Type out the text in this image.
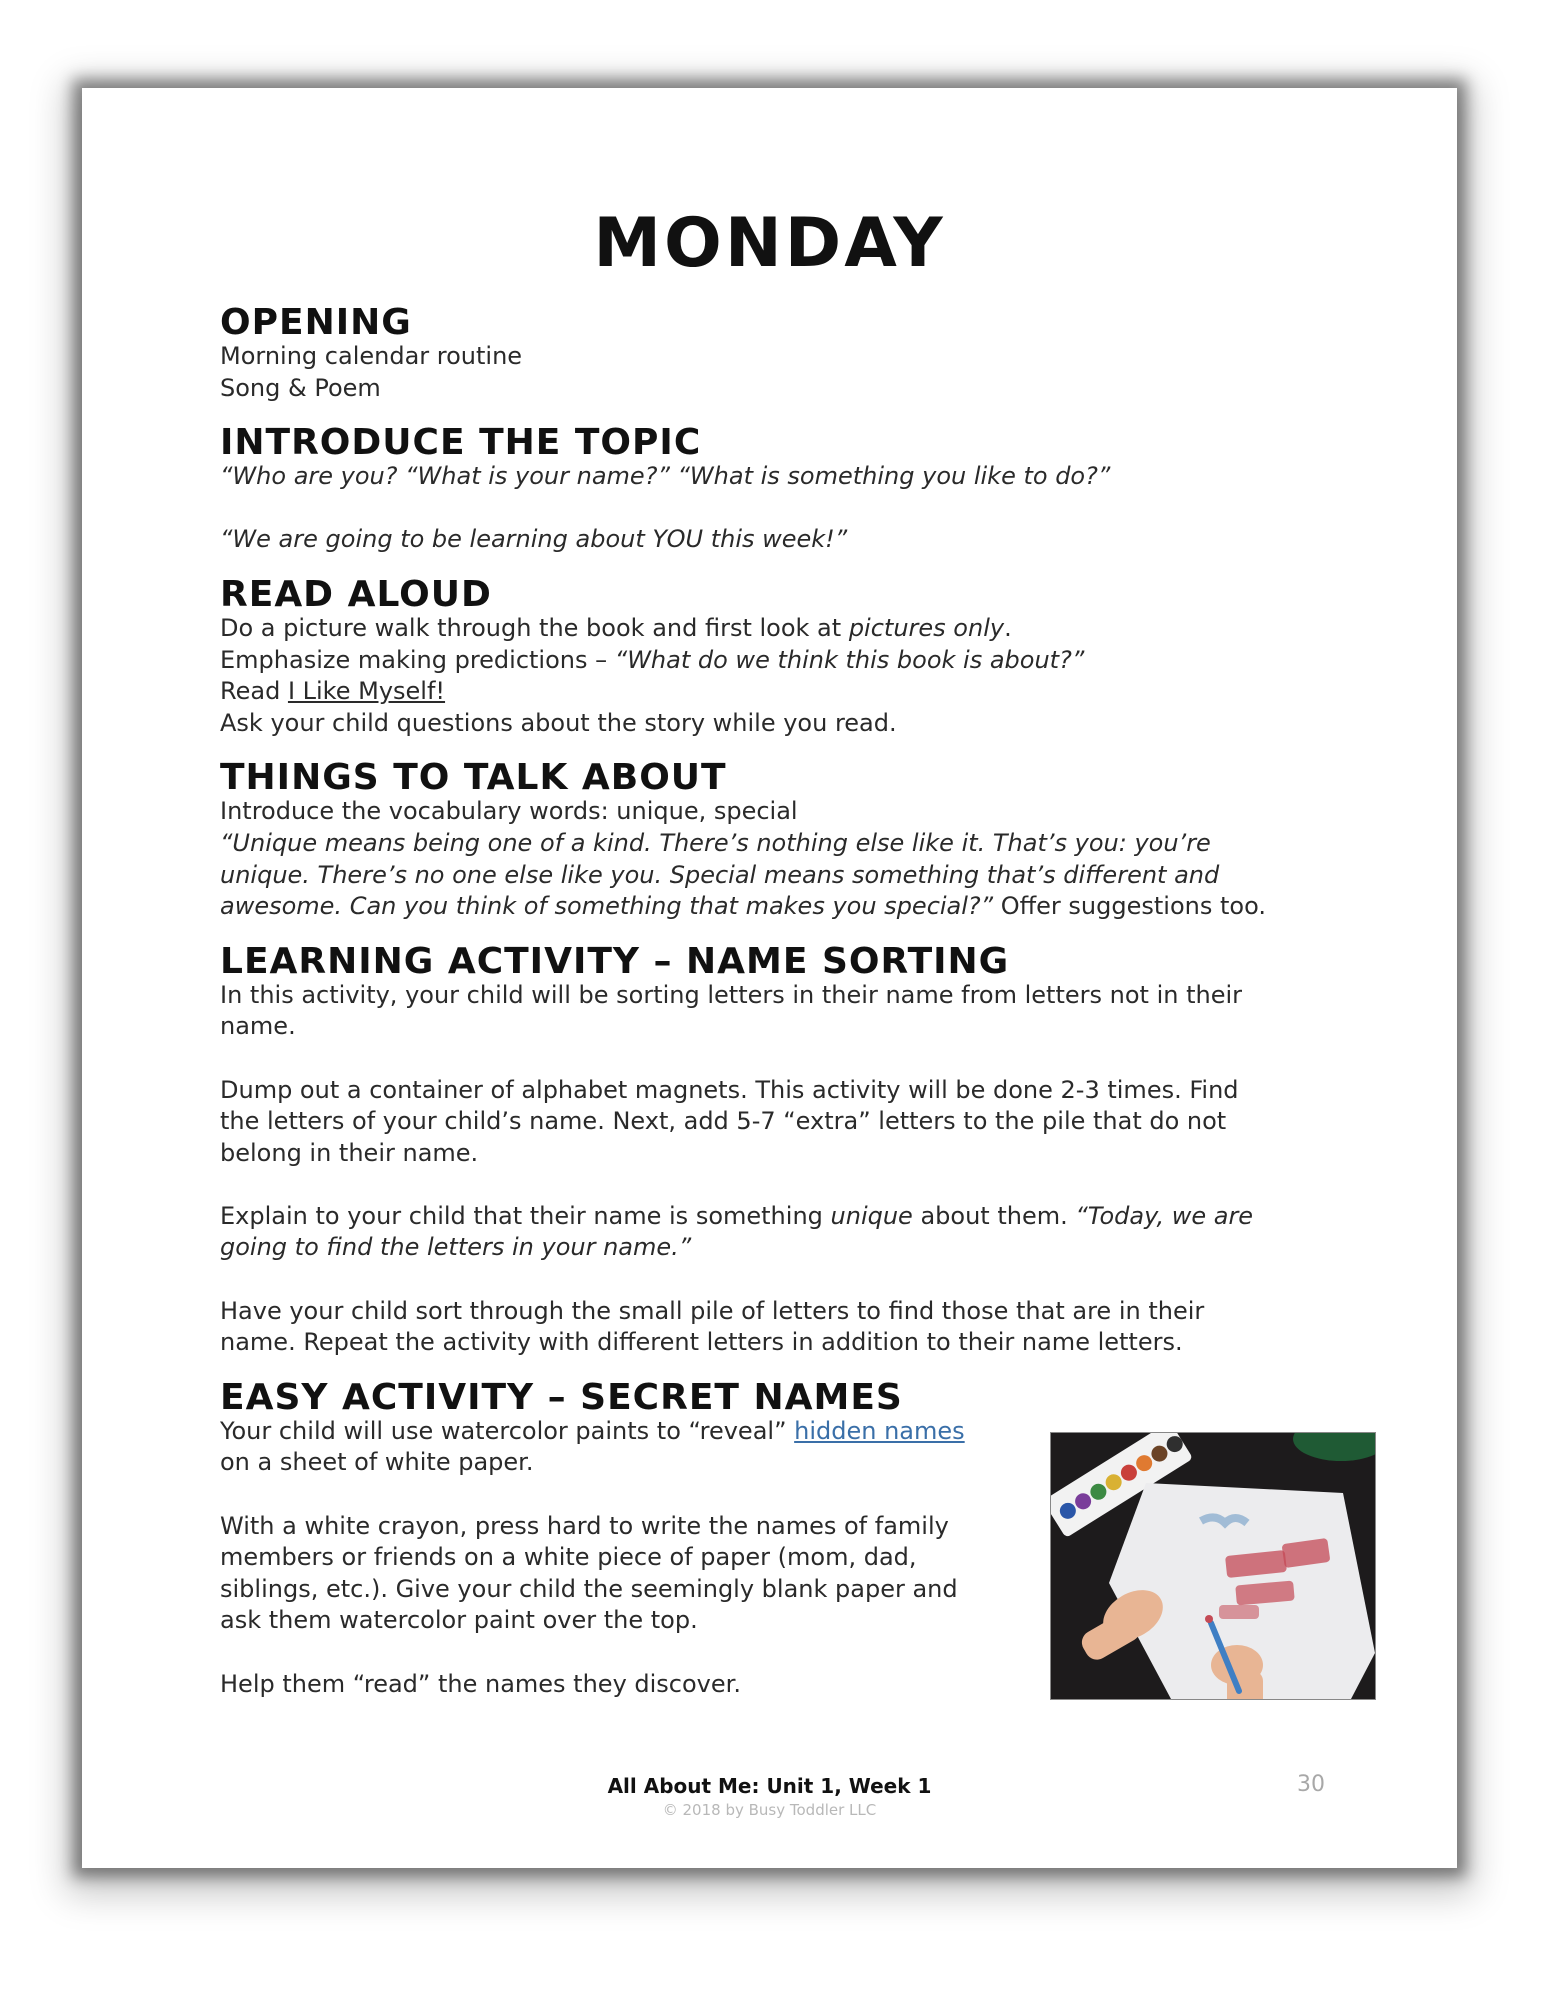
MONDAY
OPENING

Morning calendar routine

Song & Poem

INTRODUCE THE TOPIC

“Who are you? “What is your name?” “What is something you like to do?”

“We are going to be learning about YOU this week!”

READ ALOUD

Do a picture walk through the book and first look at pictures only.

Emphasize making predictions – “What do we think this book is about?”

Read I Like Myself!

Ask your child questions about the story while you read.

THINGS TO TALK ABOUT

Introduce the vocabulary words: unique, special

“Unique means being one of a kind. There’s nothing else like it. That’s you: you’re

unique. There’s no one else like you. Special means something that’s different and

awesome. Can you think of something that makes you special?” Offer suggestions too.

LEARNING ACTIVITY – NAME SORTING

In this activity, your child will be sorting letters in their name from letters not in their

name.

Dump out a container of alphabet magnets. This activity will be done 2-3 times. Find

the letters of your child’s name. Next, add 5-7 “extra” letters to the pile that do not

belong in their name.

Explain to your child that their name is something unique about them. “Today, we are

going to find the letters in your name.”

Have your child sort through the small pile of letters to find those that are in their

name. Repeat the activity with different letters in addition to their name letters.

EASY ACTIVITY – SECRET NAMES

Your child will use watercolor paints to “reveal” hidden names

on a sheet of white paper.

With a white crayon, press hard to write the names of family

members or friends on a white piece of paper (mom, dad,

siblings, etc.). Give your child the seemingly blank paper and

ask them watercolor paint over the top.

Help them “read” the names they discover.

All About Me: Unit 1, Week 1
© 2018 by Busy Toddler LLC
30
